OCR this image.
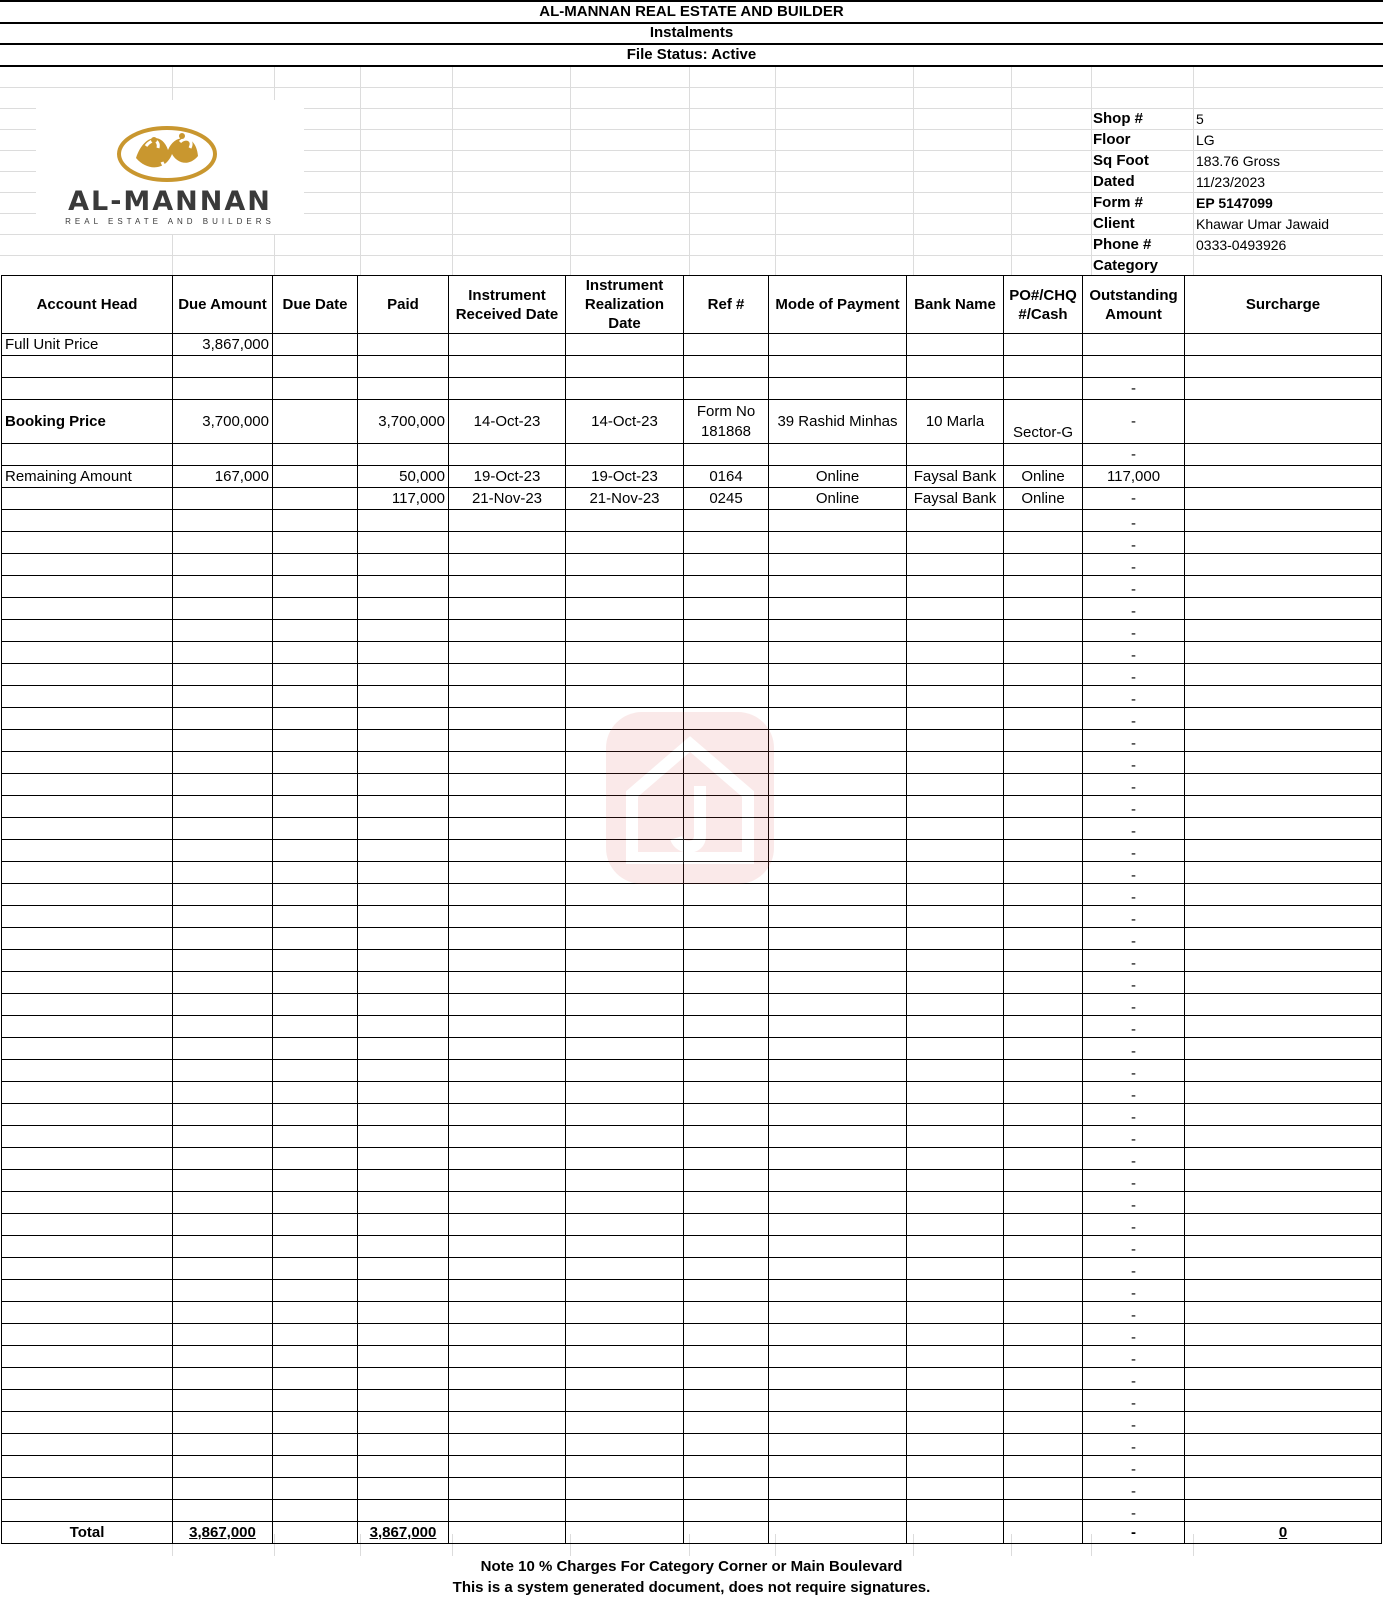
AL-MANNAN REAL ESTATE AND BUILDER
Instalments
File Status: Active
AL-MANNAN
REAL ESTATE AND BUILDERS
Shop #	5
Floor	LG
Sq Foot	183.76 Gross
Dated	11/23/2023
Form #	EP 5147099
Client	Khawar Umar Jawaid
Phone #	0333-0493926
Category
Account Head	Due Amount	Due Date	Paid	Instrument Received Date	Instrument Realization Date	Ref #	Mode of Payment	Bank Name	PO#/CHQ #/Cash	Outstanding Amount	Surcharge
Full Unit Price	3,867,000										

										-	
Booking Price	3,700,000		3,700,000	14-Oct-23	14-Oct-23	Form No 181868	39 Rashid Minhas	10 Marla	Sector-G	-	
										-	
Remaining Amount	167,000		50,000	19-Oct-23	19-Oct-23	0164	Online	Faysal Bank	Online	117,000	
			117,000	21-Nov-23	21-Nov-23	0245	Online	Faysal Bank	Online	-	
										-	
										-	
										-	
										-	
										-	
										-	
										-	
										-	
										-	
										-	
										-	
										-	
										-	
										-	
										-	
										-	
										-	
										-	
										-	
										-	
										-	
										-	
										-	
										-	
										-	
										-	
										-	
										-	
										-	
										-	
										-	
										-	
										-	
										-	
										-	
										-	
										-	
										-	
										-	
										-	
										-	
										-	
										-	
										-	
										-	
										-	
Total	3,867,000		3,867,000							-	0
Note 10 % Charges For Category Corner or Main Boulevard
This is a system generated document, does not require signatures.
